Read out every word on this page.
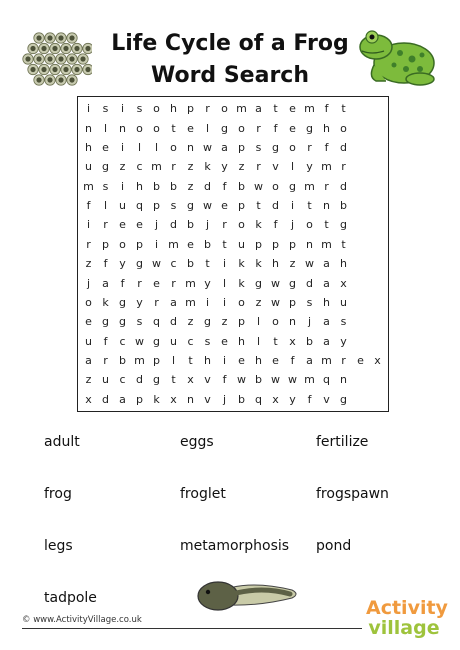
Life Cycle of a Frog
Word Search
i	s	i	s o h p	r	o m a	t	e m f	t
n	l	n o o	t	e	l	g o	r	f	e g h o
h e	i	l	l	o n w a p s g o	r	f	d
u g z	c m r	z k y z	r	v	l	y m r
m s	i	h b b z d	f	b w o g m r	d
f	l	u q p s g w e p	t	d	i	t	n b
i	r	e e	j	d b	j	r	o k	f	j	o	t	g
r	p o p	i m e b	t	u p p p n m t
z	f	y g w c b	t	i	k k h z w a h
j	a	f	r	e	r m y	l	k g w g d a x
o k g y	r	a m i	i	o z w p s h u
e g g s q d z g z p	l	o n	j	a s
u	f	c w g u c	s e h	l	t	x b a y
a	r	b m p	l	t	h	i	e h e	f	a m r	e x
z u c d g	t	x v	f w b w w m q n
x d a p k x n v	j	b q x y	f	v g
adult	eggs	fertilize
frog	froglet	frogspawn
legs	metamorphosis pond
tadpole
© www.ActivityVillage.co.uk
Activity
village
